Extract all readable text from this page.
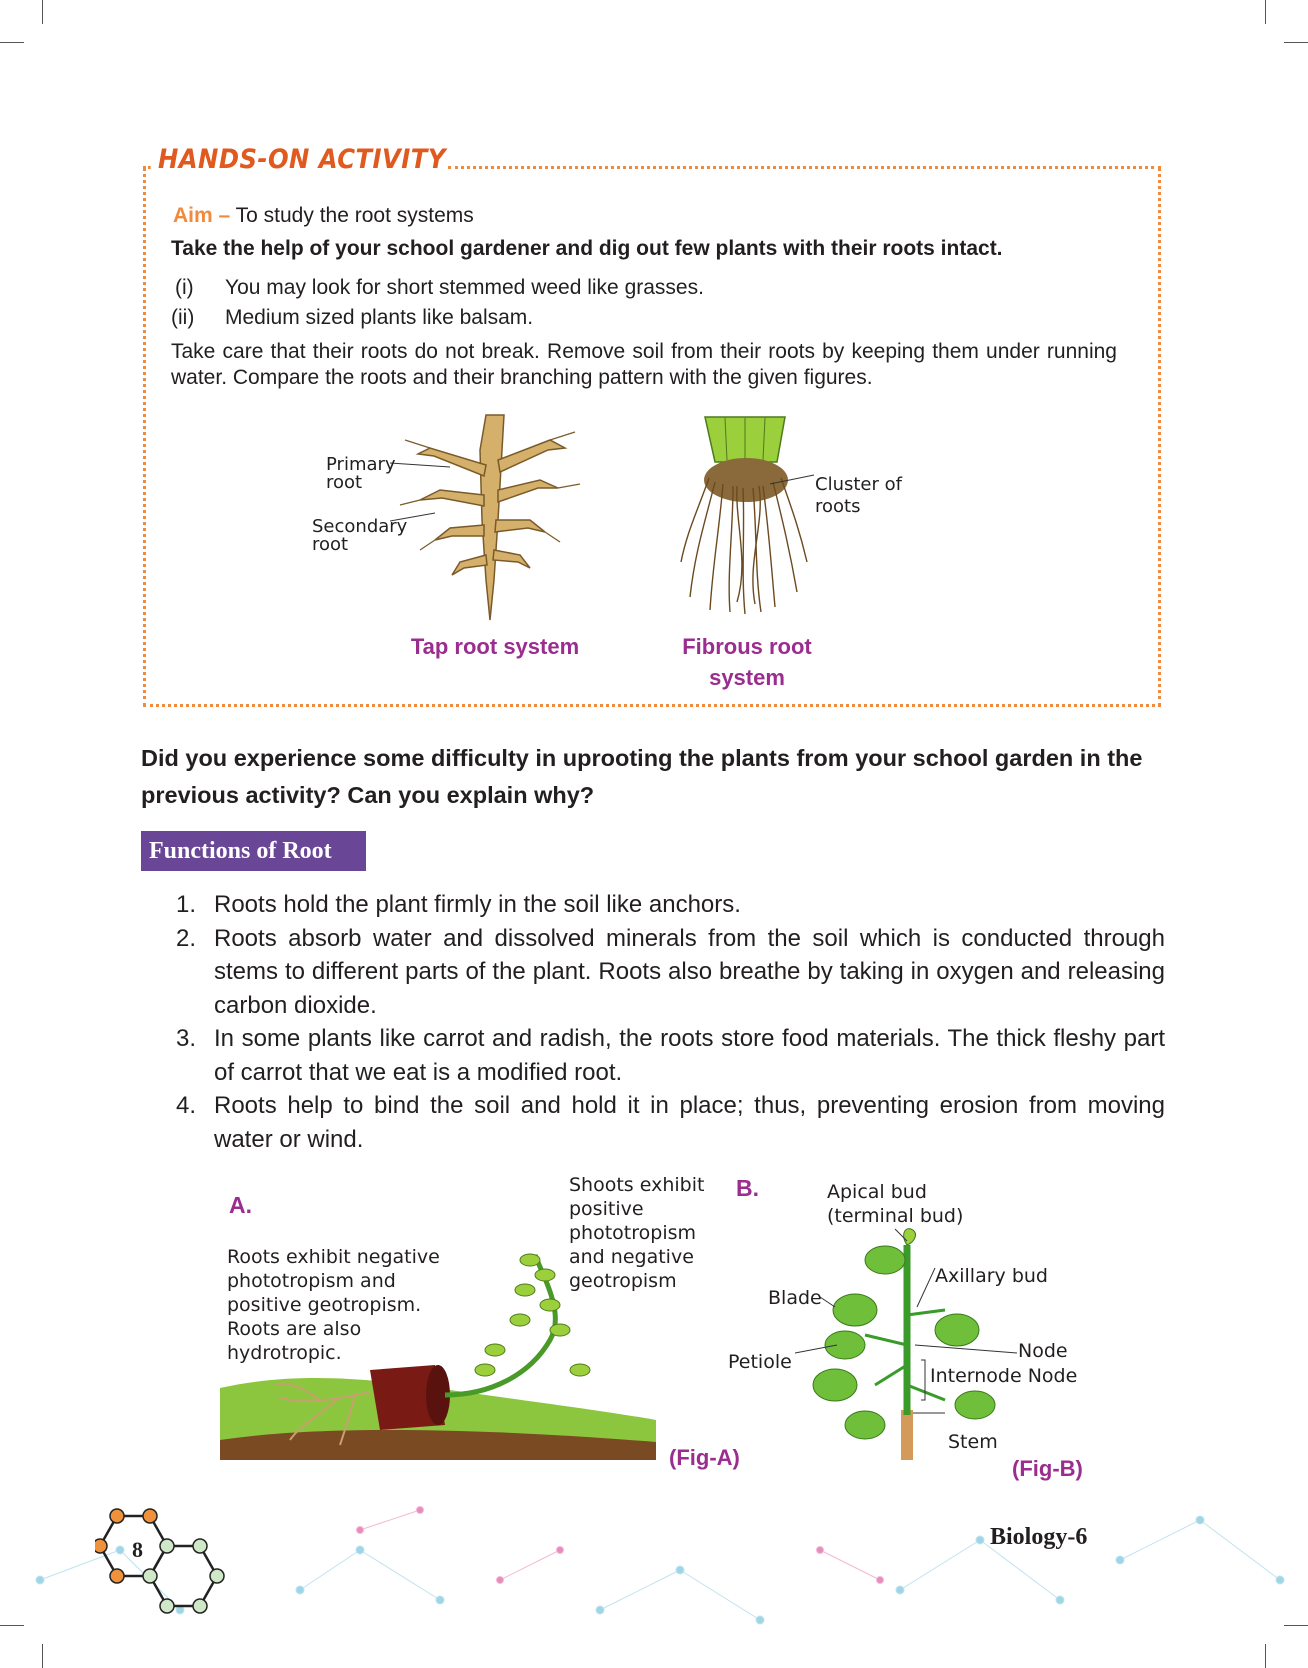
HANDS-ON ACTIVITY
Aim – To study the root systems
Take the help of your school gardener and dig out few plants with their roots intact.
(i) You may look for short stemmed weed like grasses.
(ii) Medium sized plants like balsam.
Take care that their roots do not break. Remove soil from their roots by keeping them under running water. Compare the roots and their branching pattern with the given figures.
Primary
root
Secondary
root
Tap root system
Cluster of
roots
Fibrous root
system
Did you experience some difficulty in uprooting the plants from your school garden in the
previous activity? Can you explain why?
Functions of Root
1. Roots hold the plant firmly in the soil like anchors.
2. Roots absorb water and dissolved minerals from the soil which is conducted through stems to different parts of the plant. Roots also breathe by taking in oxygen and releasing carbon dioxide.
3. In some plants like carrot and radish, the roots store food materials. The thick fleshy part of carrot that we eat is a modified root.
4. Roots help to bind the soil and hold it in place; thus, preventing erosion from moving water or wind.
A.
Roots exhibit negative
phototropism and
positive geotropism.
Roots are also
hydrotropic.
Shoots exhibit
positive
phototropism
and negative
geotropism
(Fig-A)
B.	Apical bud
(terminal bud)
Axillary bud
Blade
Petiole	Node
Internode Node
Stem
(Fig-B)
8	Biology-6
